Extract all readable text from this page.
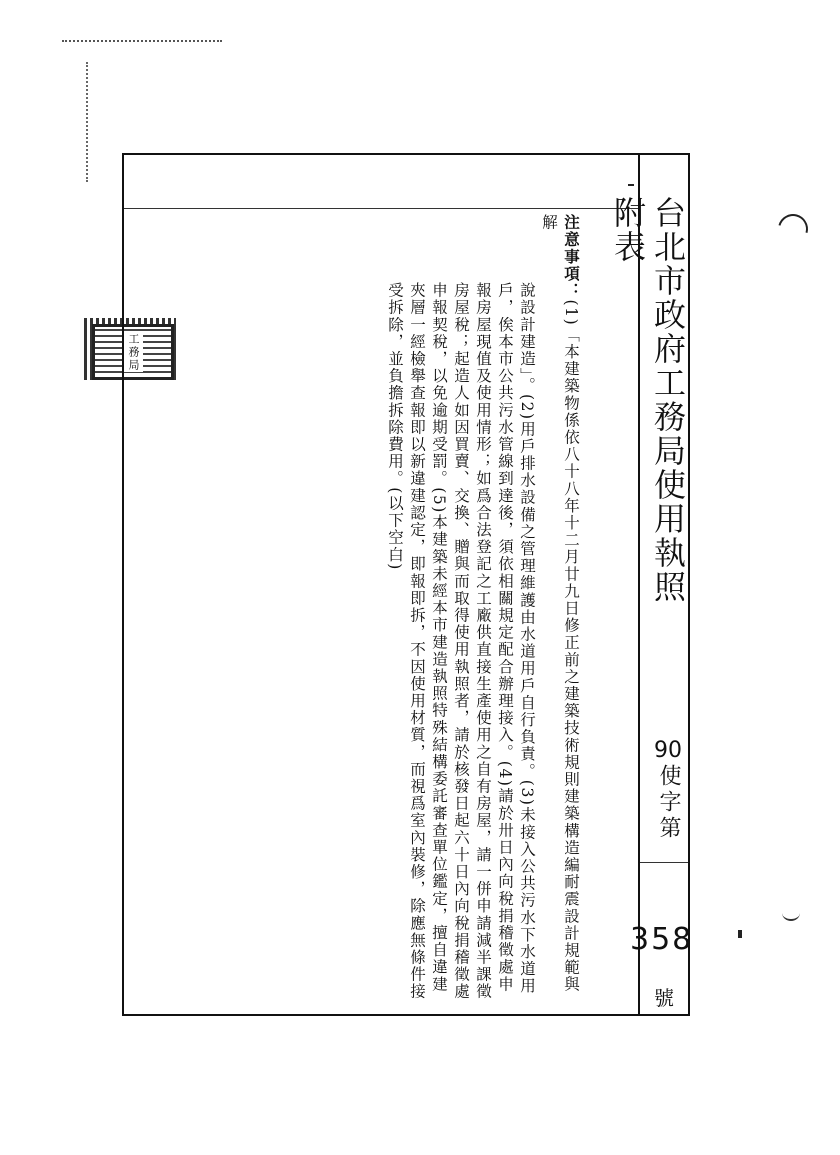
工務局	台北市政府工務局使用執照附表
90
使字第
358
號

注意事項：(1)「本建築物係依八十八年十二月廿九日修正前之建築技術規則建築構造編耐震設計規範與解

說設計建造」。(2)用戶排水設備之管理維護由水道用戶自行負責。(3)未接入公共污水下水道用

戶，俟本市公共污水管線到達後，須依相關規定配合辦理接入。(4)請於卅日內向稅捐稽徵處申

報房屋現值及使用情形；如爲合法登記之工廠供直接生產使用之自有房屋，請一併申請減半課徵

房屋稅；起造人如因買賣、交換、贈與而取得使用執照者，請於核發日起六十日內向稅捐稽徵處

申報契稅，以免逾期受罰。(5)本建築未經本市建造執照特殊結構委託審查單位鑑定，擅自違建

夾層一經檢舉查報即以新違建認定，即報即拆，不因使用材質，而視爲室內裝修，除應無條件接

受拆除，並負擔拆除費用。(以下空白)
